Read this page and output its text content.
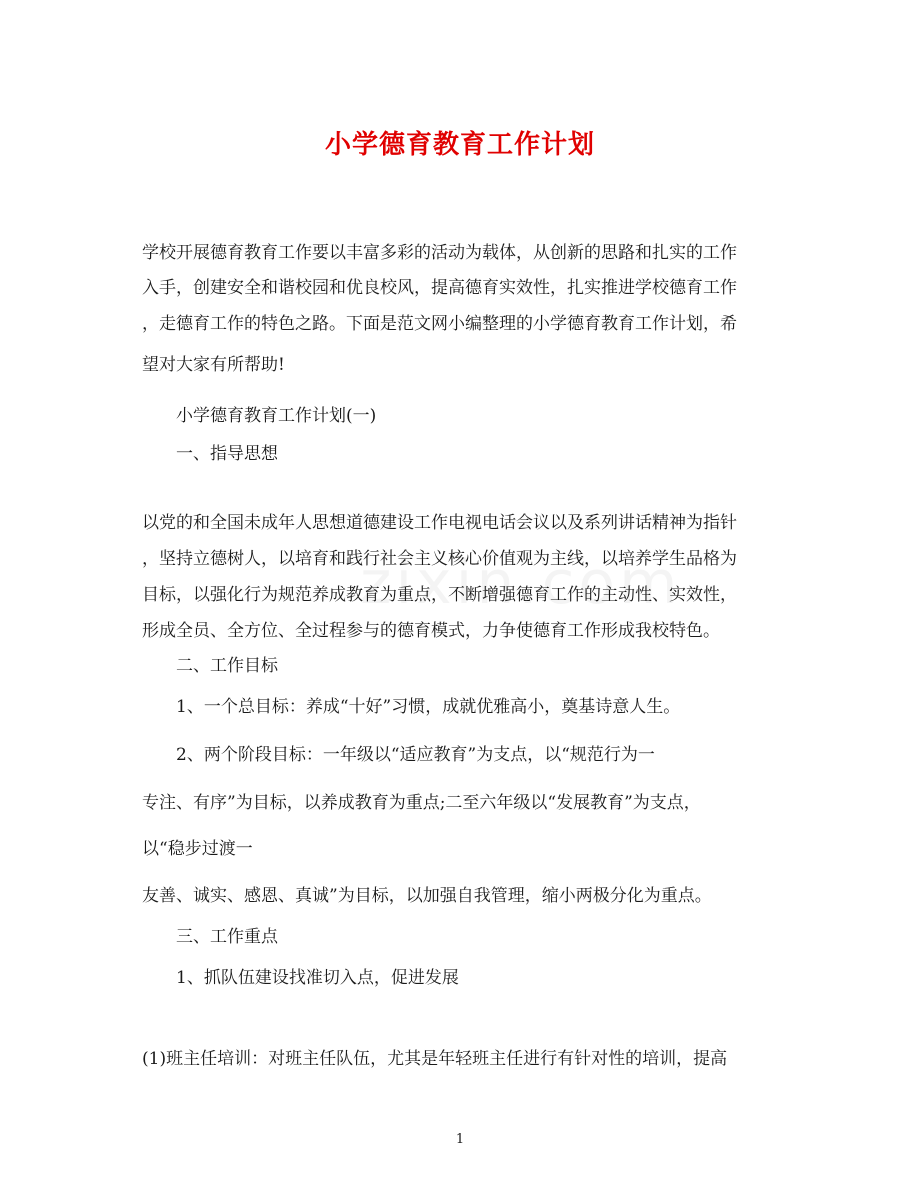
小学德育教育工作计划
学校开展德育教育工作要以丰富多彩的活动为载体，从创新的思路和扎实的工作
入手，创建安全和谐校园和优良校风，提高德育实效性，扎实推进学校德育工作
，走德育工作的特色之路。下面是范文网小编整理的小学德育教育工作计划，希
望对大家有所帮助!
小学德育教育工作计划(一)
一、指导思想
以党的和全国未成年人思想道德建设工作电视电话会议以及系列讲话精神为指针
，坚持立德树人，以培育和践行社会主义核心价值观为主线，以培养学生品格为
目标，以强化行为规范养成教育为重点，不断增强德育工作的主动性、实效性，
形成全员、全方位、全过程参与的德育模式，力争使德育工作形成我校特色。
二、工作目标
1、一个总目标：养成“十好”习惯，成就优雅高小，奠基诗意人生。
2、两个阶段目标：一年级以“适应教育”为支点，以“规范行为一
专注、有序”为目标，以养成教育为重点;二至六年级以“发展教育”为支点，
以“稳步过渡一
友善、诚实、感恩、真诚”为目标，以加强自我管理，缩小两极分化为重点。
三、工作重点
1、抓队伍建设找准切入点，促进发展
(1)班主任培训：对班主任队伍，尤其是年轻班主任进行有针对性的培训，提高
1
